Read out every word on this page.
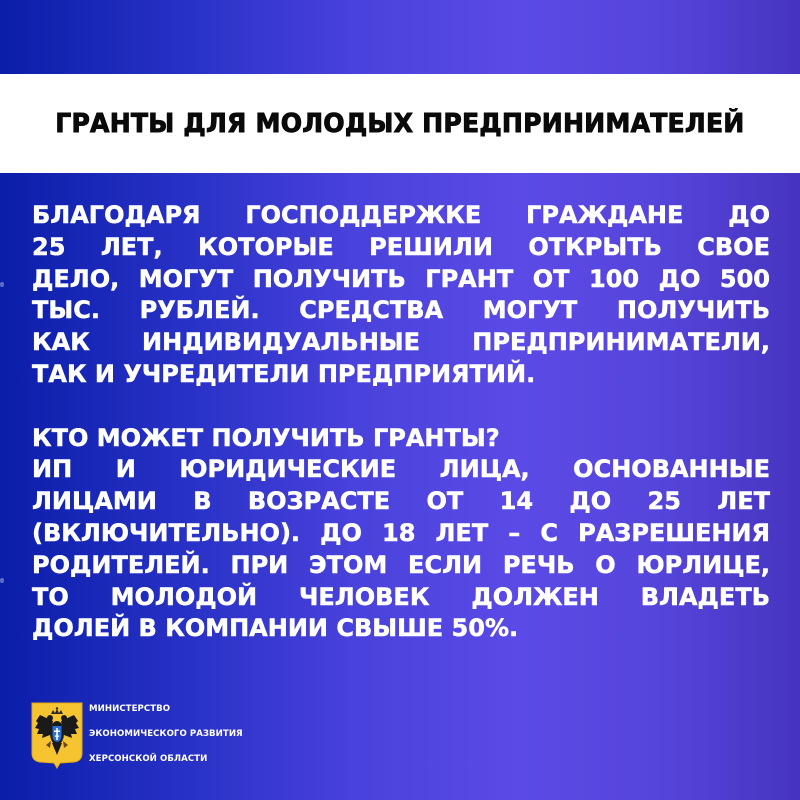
ГРАНТЫ ДЛЯ МОЛОДЫХ ПРЕДПРИНИМАТЕЛЕЙ
БЛАГОДАРЯ ГОСПОДДЕРЖКЕ ГРАЖДАНЕ ДО
25 ЛЕТ, КОТОРЫЕ РЕШИЛИ ОТКРЫТЬ СВОЕ
ДЕЛО, МОГУТ ПОЛУЧИТЬ ГРАНТ ОТ 100 ДО 500
ТЫС. РУБЛЕЙ. СРЕДСТВА МОГУТ ПОЛУЧИТЬ
КАК ИНДИВИДУАЛЬНЫЕ ПРЕДПРИНИМАТЕЛИ,
ТАК И УЧРЕДИТЕЛИ ПРЕДПРИЯТИЙ.
КТО МОЖЕТ ПОЛУЧИТЬ ГРАНТЫ?
ИП И ЮРИДИЧЕСКИЕ ЛИЦА, ОСНОВАННЫЕ
ЛИЦАМИ В ВОЗРАСТЕ ОТ 14 ДО 25 ЛЕТ
(ВКЛЮЧИТЕЛЬНО). ДО 18 ЛЕТ – С РАЗРЕШЕНИЯ
РОДИТЕЛЕЙ. ПРИ ЭТОМ ЕСЛИ РЕЧЬ О ЮРЛИЦЕ,
ТО МОЛОДОЙ ЧЕЛОВЕК ДОЛЖЕН ВЛАДЕТЬ
ДОЛЕЙ В КОМПАНИИ СВЫШЕ 50%.
МИНИСТЕРСТВО
ЭКОНОМИЧЕСКОГО РАЗВИТИЯ
ХЕРСОНСКОЙ ОБЛАСТИ
